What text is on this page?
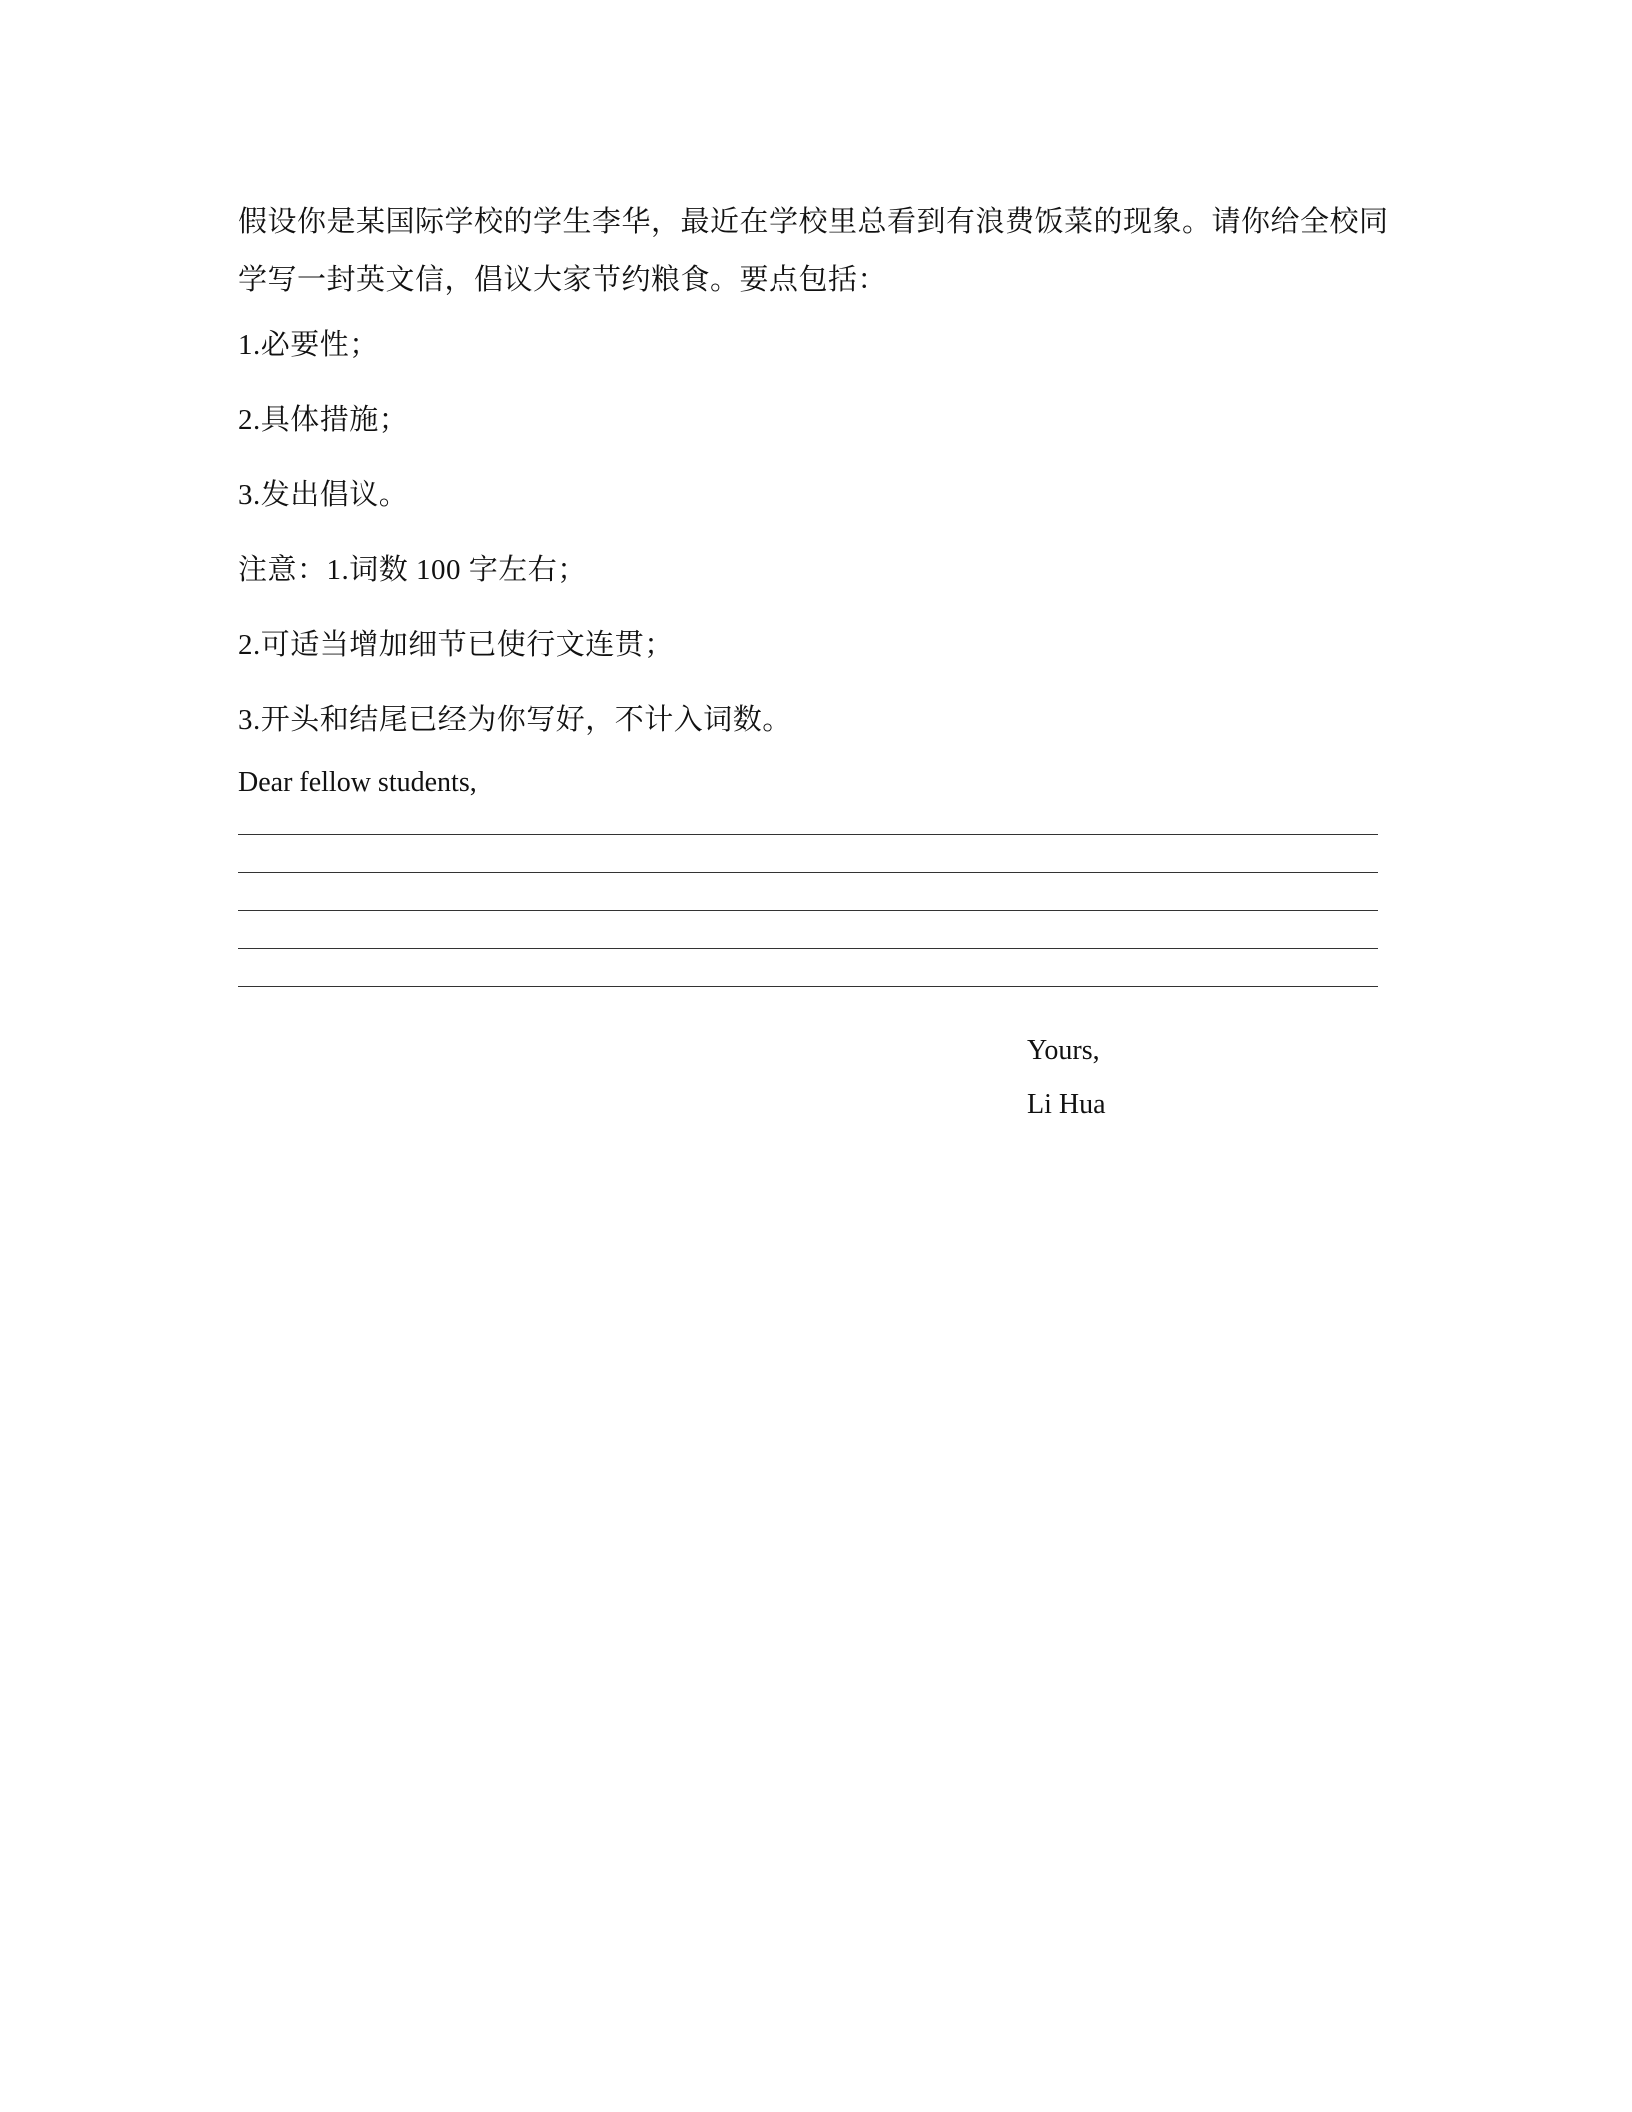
假设你是某国际学校的学生李华，最近在学校里总看到有浪费饭菜的现象。请你给全校同学写一封英文信，倡议大家节约粮食。要点包括：

1.必要性；

2.具体措施；

3.发出倡议。

注意：1.词数 100 字左右；

2.可适当增加细节已使行文连贯；

3.开头和结尾已经为你写好，不计入词数。

Dear fellow students,

Yours,
Li Hua
